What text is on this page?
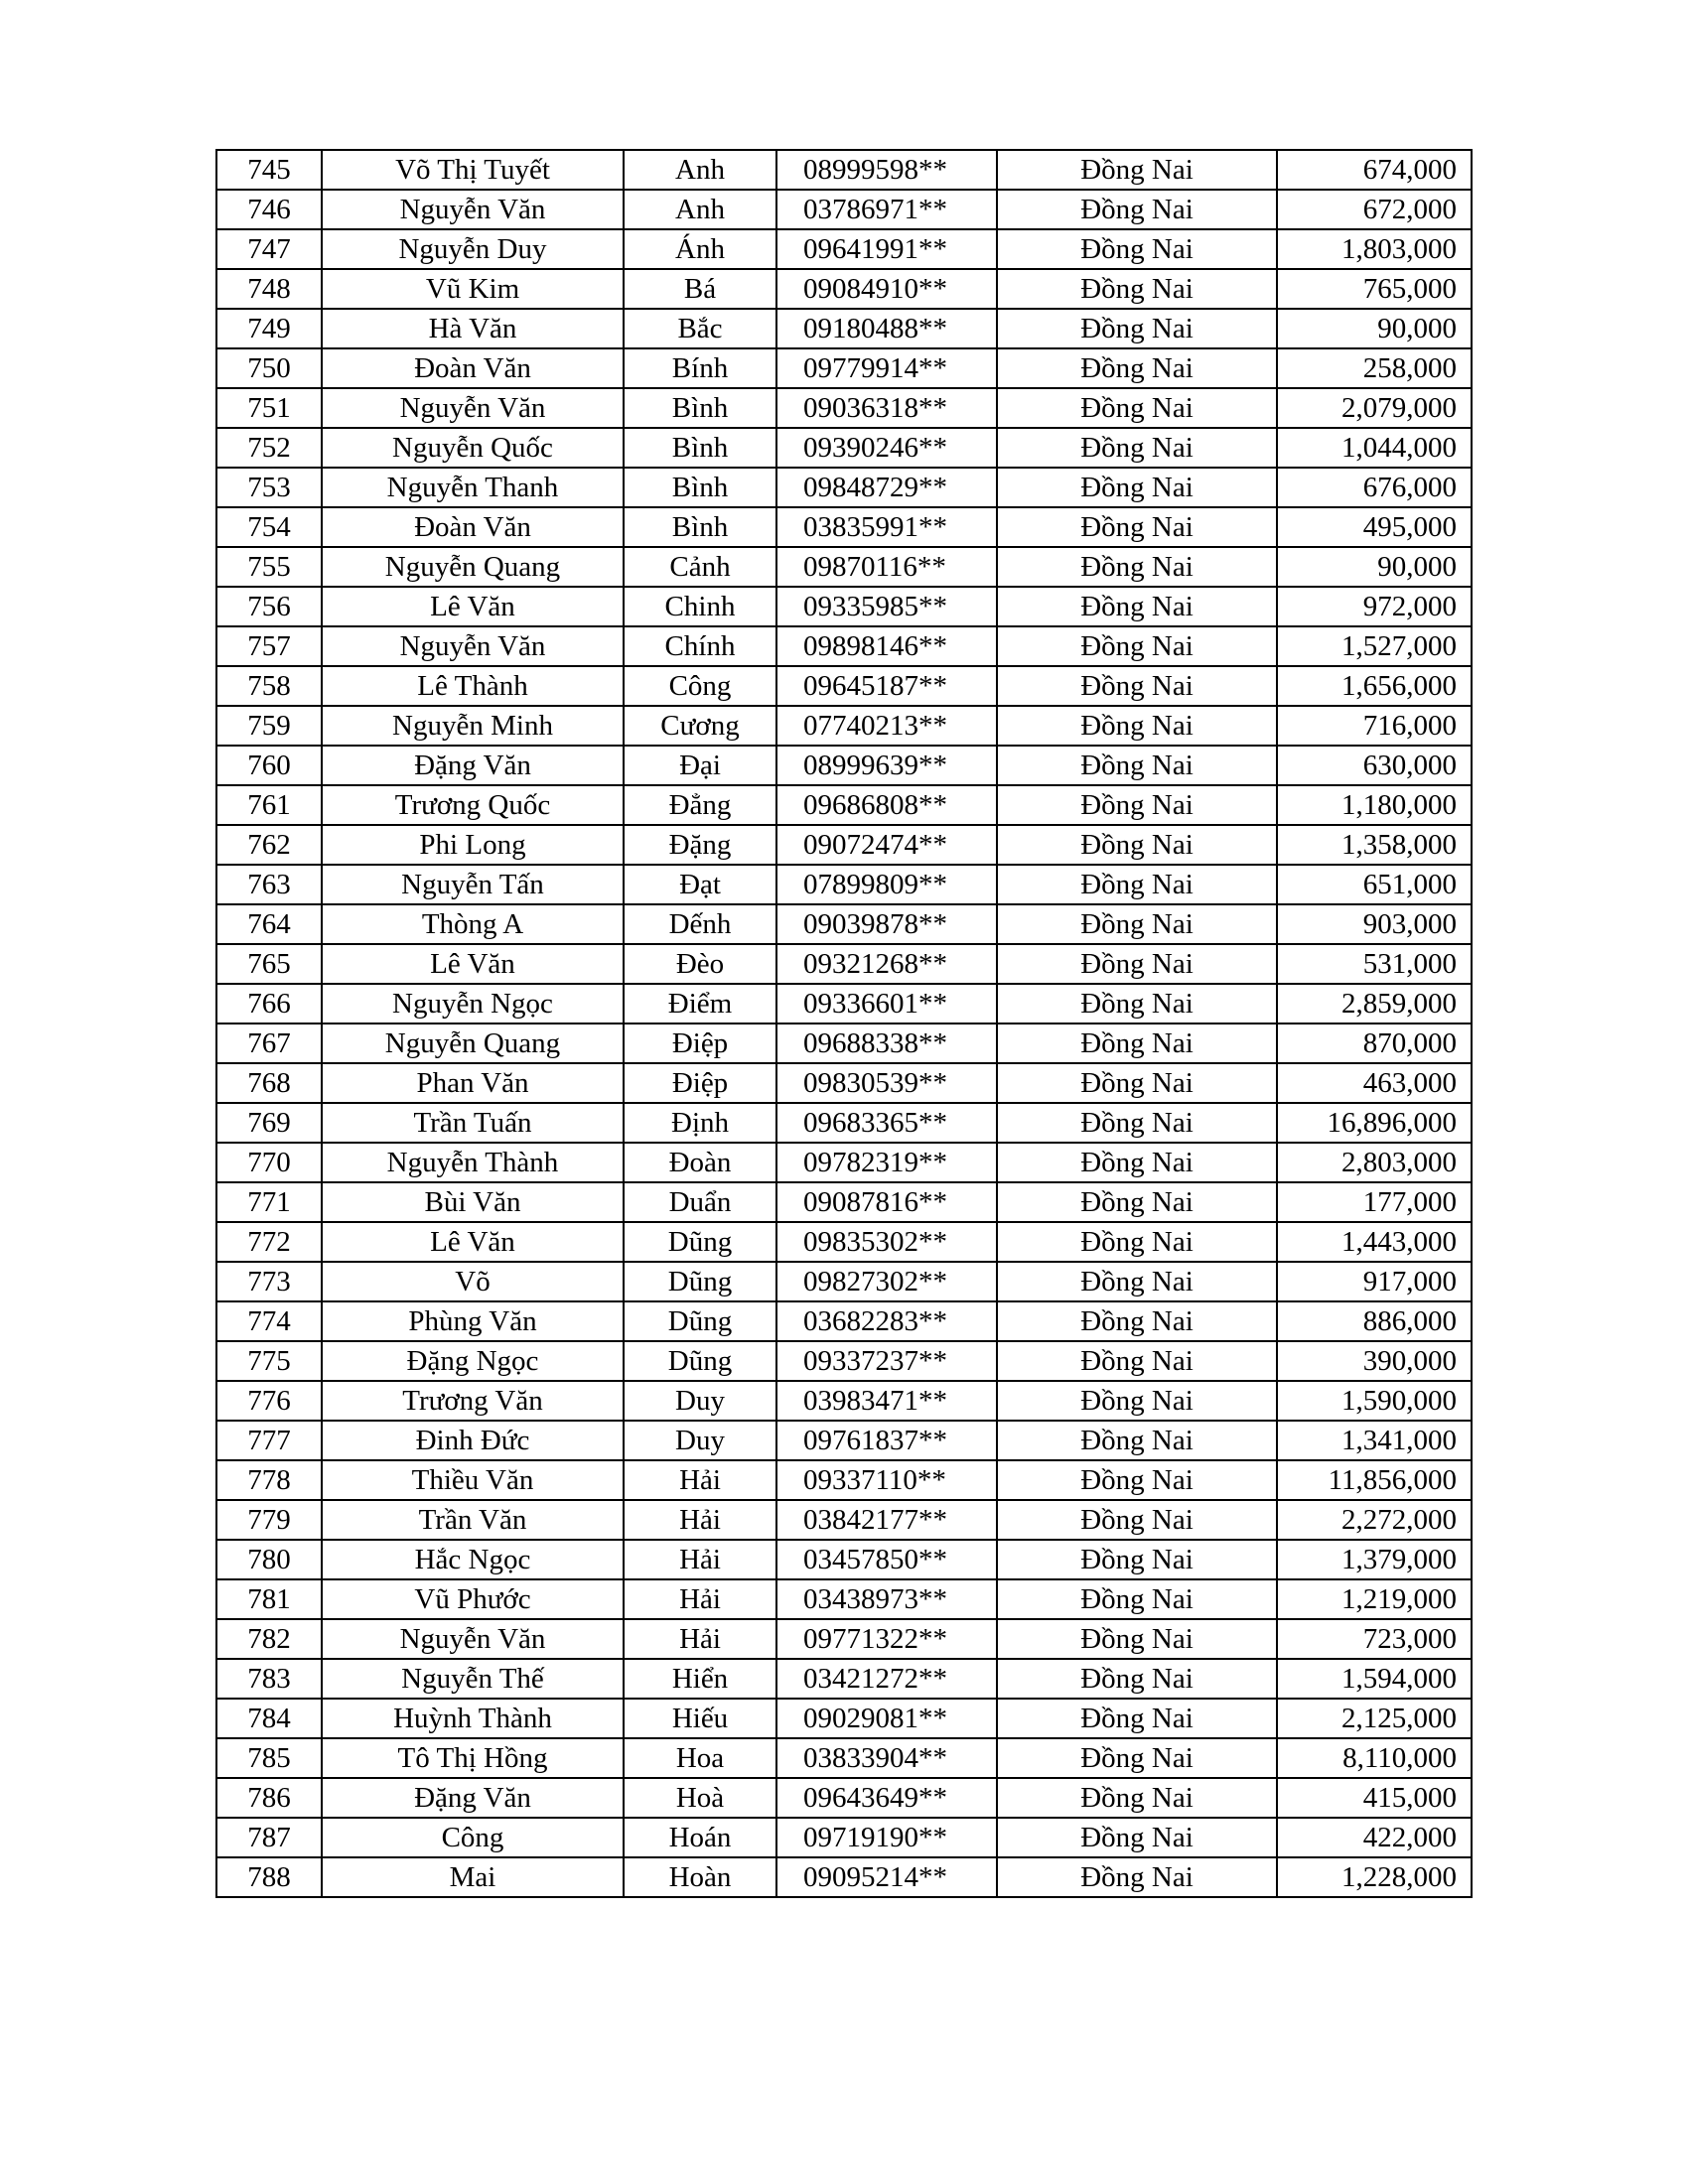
745	Võ Thị Tuyết	Anh	08999598**	Đồng Nai	674,000
746	Nguyễn Văn	Anh	03786971**	Đồng Nai	672,000
747	Nguyễn Duy	Ánh	09641991**	Đồng Nai	1,803,000
748	Vũ Kim	Bá	09084910**	Đồng Nai	765,000
749	Hà Văn	Bắc	09180488**	Đồng Nai	90,000
750	Đoàn Văn	Bính	09779914**	Đồng Nai	258,000
751	Nguyễn Văn	Bình	09036318**	Đồng Nai	2,079,000
752	Nguyễn Quốc	Bình	09390246**	Đồng Nai	1,044,000
753	Nguyễn Thanh	Bình	09848729**	Đồng Nai	676,000
754	Đoàn Văn	Bình	03835991**	Đồng Nai	495,000
755	Nguyễn Quang	Cảnh	09870116**	Đồng Nai	90,000
756	Lê Văn	Chinh	09335985**	Đồng Nai	972,000
757	Nguyễn Văn	Chính	09898146**	Đồng Nai	1,527,000
758	Lê Thành	Công	09645187**	Đồng Nai	1,656,000
759	Nguyễn Minh	Cương	07740213**	Đồng Nai	716,000
760	Đặng Văn	Đại	08999639**	Đồng Nai	630,000
761	Trương Quốc	Đẳng	09686808**	Đồng Nai	1,180,000
762	Phi Long	Đặng	09072474**	Đồng Nai	1,358,000
763	Nguyễn Tấn	Đạt	07899809**	Đồng Nai	651,000
764	Thòng A	Dếnh	09039878**	Đồng Nai	903,000
765	Lê Văn	Đèo	09321268**	Đồng Nai	531,000
766	Nguyễn Ngọc	Điểm	09336601**	Đồng Nai	2,859,000
767	Nguyễn Quang	Điệp	09688338**	Đồng Nai	870,000
768	Phan Văn	Điệp	09830539**	Đồng Nai	463,000
769	Trần Tuấn	Định	09683365**	Đồng Nai	16,896,000
770	Nguyễn Thành	Đoàn	09782319**	Đồng Nai	2,803,000
771	Bùi Văn	Duẩn	09087816**	Đồng Nai	177,000
772	Lê Văn	Dũng	09835302**	Đồng Nai	1,443,000
773	Võ	Dũng	09827302**	Đồng Nai	917,000
774	Phùng Văn	Dũng	03682283**	Đồng Nai	886,000
775	Đặng Ngọc	Dũng	09337237**	Đồng Nai	390,000
776	Trương Văn	Duy	03983471**	Đồng Nai	1,590,000
777	Đinh Đức	Duy	09761837**	Đồng Nai	1,341,000
778	Thiều Văn	Hải	09337110**	Đồng Nai	11,856,000
779	Trần Văn	Hải	03842177**	Đồng Nai	2,272,000
780	Hắc Ngọc	Hải	03457850**	Đồng Nai	1,379,000
781	Vũ Phước	Hải	03438973**	Đồng Nai	1,219,000
782	Nguyễn Văn	Hải	09771322**	Đồng Nai	723,000
783	Nguyễn Thế	Hiển	03421272**	Đồng Nai	1,594,000
784	Huỳnh Thành	Hiếu	09029081**	Đồng Nai	2,125,000
785	Tô Thị Hồng	Hoa	03833904**	Đồng Nai	8,110,000
786	Đặng Văn	Hoà	09643649**	Đồng Nai	415,000
787	Công	Hoán	09719190**	Đồng Nai	422,000
788	Mai	Hoàn	09095214**	Đồng Nai	1,228,000
